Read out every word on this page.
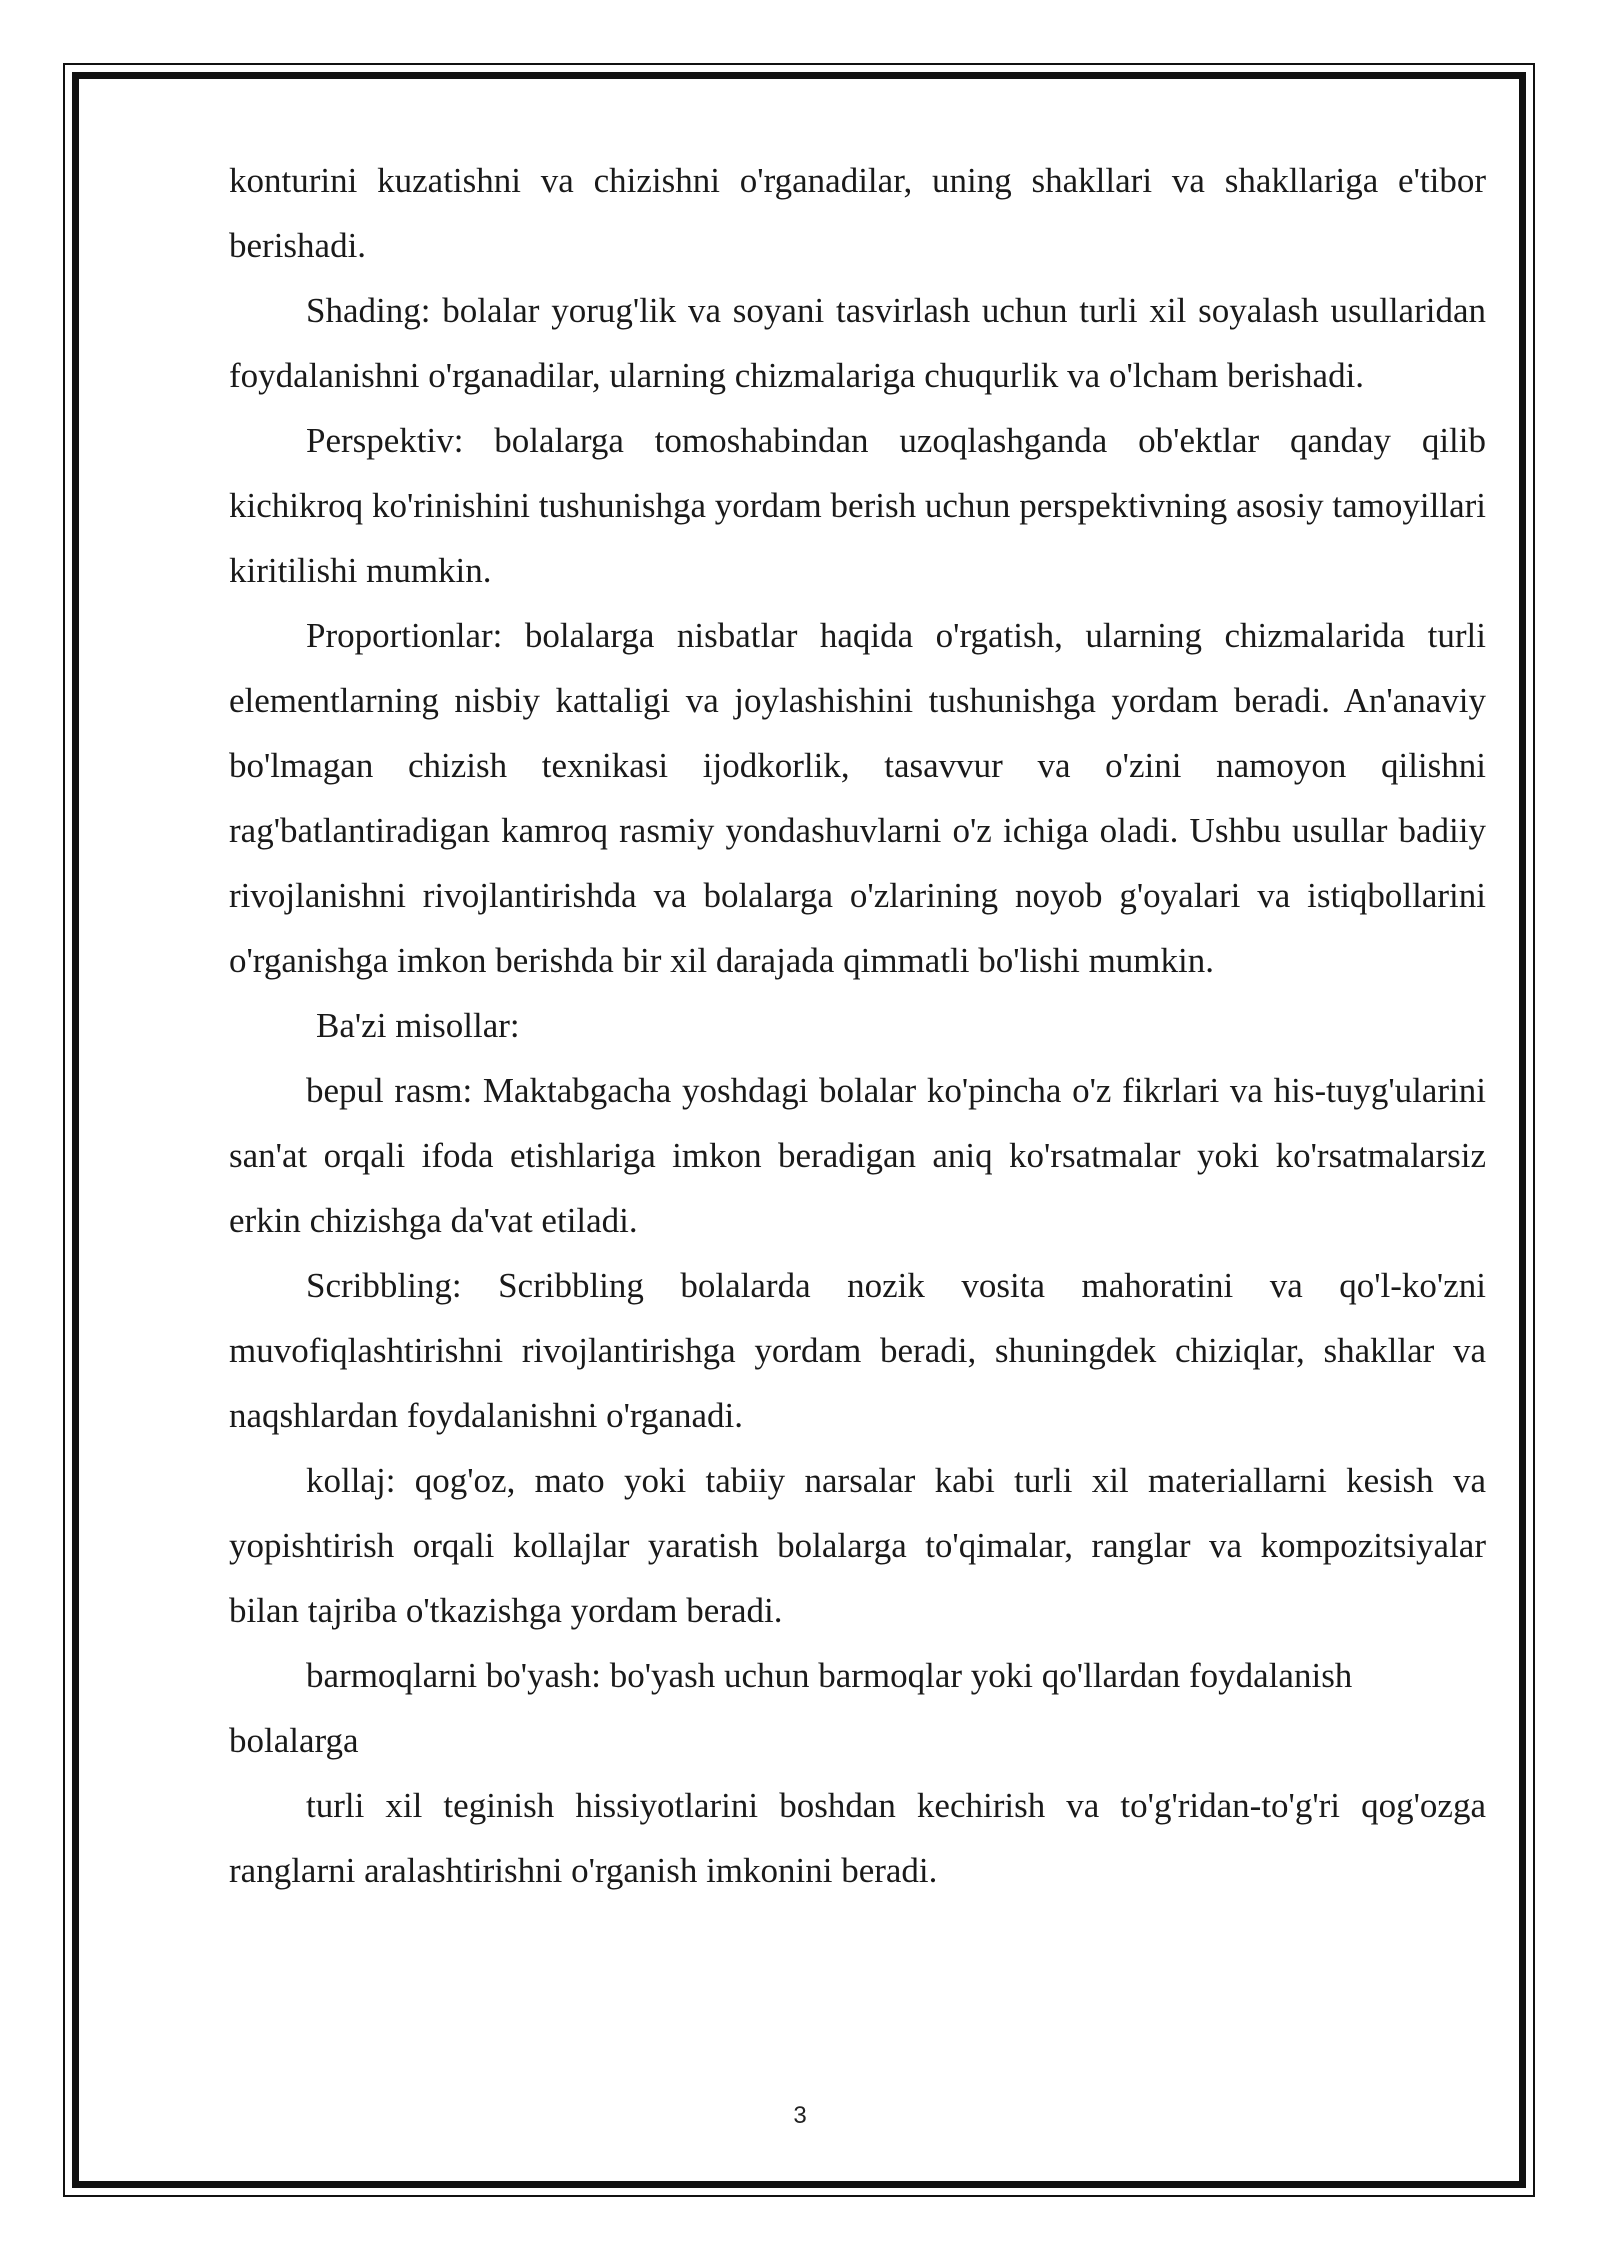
konturini kuzatishni va chizishni o'rganadilar, uning shakllari va shakllariga e'tibor berishadi.

Shading: bolalar yorug'lik va soyani tasvirlash uchun turli xil soyalash usullaridan foydalanishni o'rganadilar, ularning chizmalariga chuqurlik va o'lcham berishadi.

Perspektiv: bolalarga tomoshabindan uzoqlashganda ob'ektlar qanday qilib kichikroq ko'rinishini tushunishga yordam berish uchun perspektivning asosiy tamoyillari kiritilishi mumkin.

Proportionlar: bolalarga nisbatlar haqida o'rgatish, ularning chizmalarida turli elementlarning nisbiy kattaligi va joylashishini tushunishga yordam beradi. An'anaviy bo'lmagan chizish texnikasi ijodkorlik, tasavvur va o'zini namoyon qilishni rag'batlantiradigan kamroq rasmiy yondashuvlarni o'z ichiga oladi. Ushbu usullar badiiy rivojlanishni rivojlantirishda va bolalarga o'zlarining noyob g'oyalari va istiqbollarini o'rganishga imkon berishda bir xil darajada qimmatli bo'lishi mumkin.

Ba'zi misollar:

bepul rasm: Maktabgacha yoshdagi bolalar ko'pincha o'z fikrlari va his-tuyg'ularini san'at orqali ifoda etishlariga imkon beradigan aniq ko'rsatmalar yoki ko'rsatmalarsiz erkin chizishga da'vat etiladi.

Scribbling: Scribbling bolalarda nozik vosita mahoratini va qo'l-ko'zni muvofiqlashtirishni rivojlantirishga yordam beradi, shuningdek chiziqlar, shakllar va naqshlardan foydalanishni o'rganadi.

kollaj: qog'oz, mato yoki tabiiy narsalar kabi turli xil materiallarni kesish va yopishtirish orqali kollajlar yaratish bolalarga to'qimalar, ranglar va kompozitsiyalar bilan tajriba o'tkazishga yordam beradi.

barmoqlarni bo'yash: bo'yash uchun barmoqlar yoki qo'llardan foydalanish bolalarga

turli xil teginish hissiyotlarini boshdan kechirish va to'g'ridan-to'g'ri qog'ozga ranglarni aralashtirishni o'rganish imkonini beradi.

3
